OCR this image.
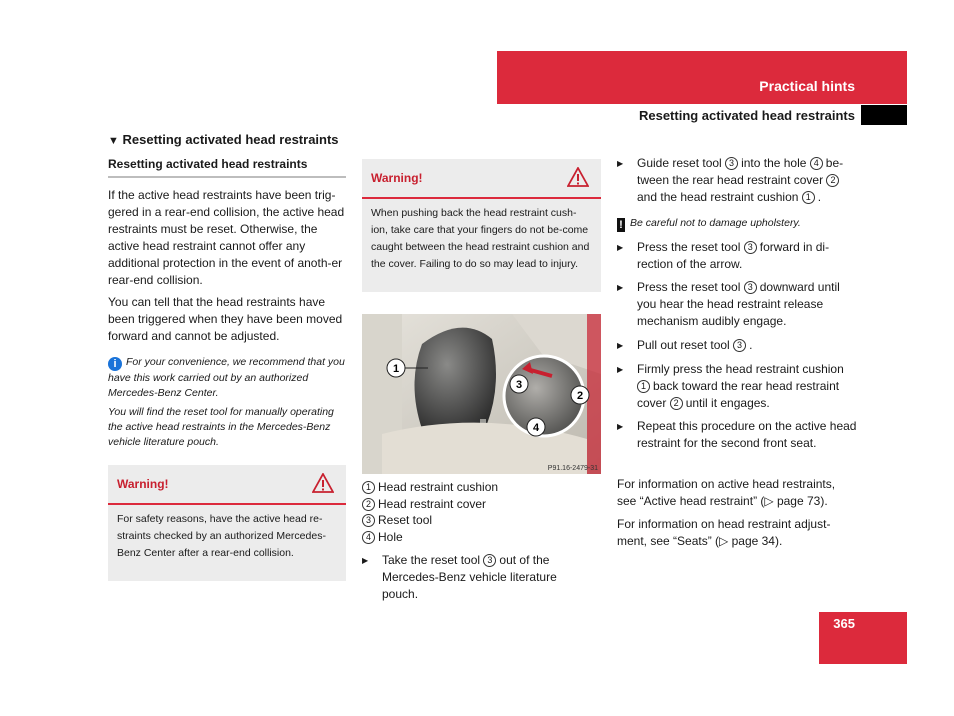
Practical hints
Resetting activated head restraints
▼ Resetting activated head restraints
Resetting activated head restraints
If the active head restraints have been trig-gered in a rear-end collision, the active head restraints must be reset. Otherwise, the active head restraint cannot offer any additional protection in the event of anoth-er rear-end collision.
You can tell that the head restraints have been triggered when they have been moved forward and cannot be adjusted.
i For your convenience, we recommend that you have this work carried out by an authorized Mercedes-Benz Center.
You will find the reset tool for manually operating the active head restraints in the Mercedes-Benz vehicle literature pouch.
Warning!
For safety reasons, have the active head re-straints checked by an authorized Mercedes-Benz Center after a rear-end collision.
Warning!
When pushing back the head restraint cush-ion, take care that your fingers do not be-come caught between the head restraint cushion and the cover. Failing to do so may lead to injury.
1
3
2
4
P91.16-2479-31
1 Head restraint cushion
2 Head restraint cover
3 Reset tool
4 Hole
▶ Take the reset tool 3 out of the Mercedes-Benz vehicle literature pouch.
▶ Guide reset tool 3 into the hole 4 be-tween the rear head restraint cover 2and the head restraint cushion 1 .
! Be careful not to damage upholstery.
▶ Press the reset tool 3 forward in di-rection of the arrow.
▶ Press the reset tool 3 downward until you hear the head restraint release mechanism audibly engage.
▶ Pull out reset tool 3 .
▶ Firmly press the head restraint cushion 1 back toward the rear head restraint cover 2 until it engages.
▶ Repeat this procedure on the active head restraint for the second front seat.
For information on active head restraints, see “Active head restraint” (▷ page 73).
For information on head restraint adjust-ment, see “Seats” (▷ page 34).
365
